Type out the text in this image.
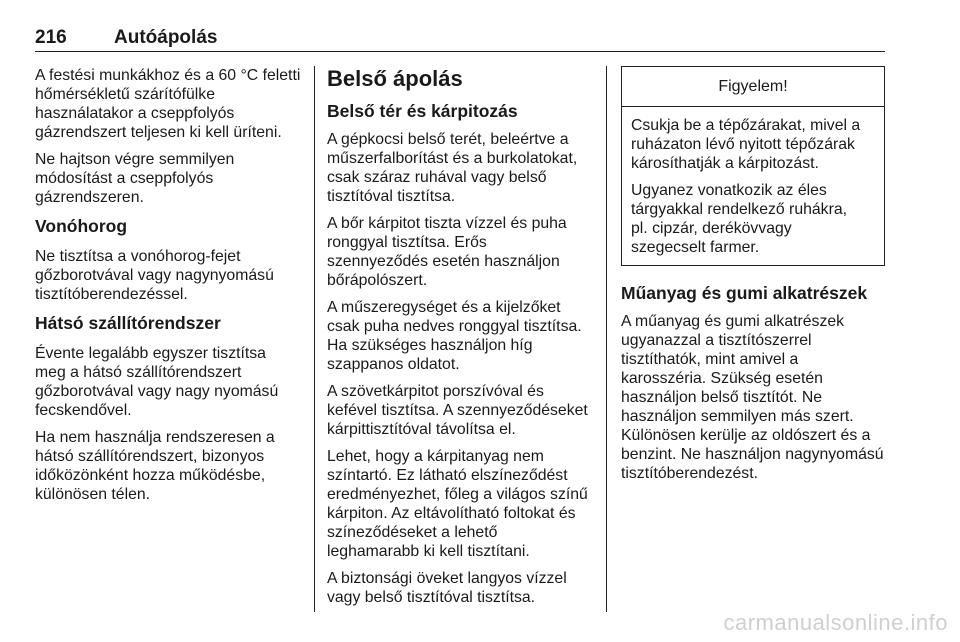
216 Autóápolás

A festési munkákhoz és a 60 °C feletti
hőmérsékletű szárítófülke
használatakor a cseppfolyós
gázrendszert teljesen ki kell üríteni.

Ne hajtson végre semmilyen
módosítást a cseppfolyós
gázrendszeren.

Vonóhorog

Ne tisztítsa a vonóhorog-fejet
gőzborotvával vagy nagynyomású
tisztítóberendezéssel.

Hátsó szállítórendszer

Évente legalább egyszer tisztítsa
meg a hátsó szállítórendszert
gőzborotvával vagy nagy nyomású
fecskendővel.

Ha nem használja rendszeresen a
hátsó szállítórendszert, bizonyos
időközönként hozza működésbe,
különösen télen.

Belső ápolás
Belső tér és kárpitozás

A gépkocsi belső terét, beleértve a
műszerfalborítást és a burkolatokat,
csak száraz ruhával vagy belső
tisztítóval tisztítsa.

A bőr kárpitot tiszta vízzel és puha
ronggyal tisztítsa. Erős
szennyeződés esetén használjon
bőrápolószert.

A műszeregységet és a kijelzőket
csak puha nedves ronggyal tisztítsa.
Ha szükséges használjon híg
szappanos oldatot.

A szövetkárpitot porszívóval és
kefével tisztítsa. A szennyeződéseket
kárpittisztítóval távolítsa el.

Lehet, hogy a kárpitanyag nem
színtartó. Ez látható elszíneződést
eredményezhet, főleg a világos színű
kárpiton. Az eltávolítható foltokat és
színeződéseket a lehető
leghamarabb ki kell tisztítani.

A biztonsági öveket langyos vízzel
vagy belső tisztítóval tisztítsa.

Figyelem!

Csukja be a tépőzárakat, mivel a
ruházaton lévő nyitott tépőzárak
károsíthatják a kárpitozást.

Ugyanez vonatkozik az éles
tárgyakkal rendelkező ruhákra,
pl. cipzár, derékövvagy
szegecselt farmer.

Műanyag és gumi alkatrészek

A műanyag és gumi alkatrészek
ugyanazzal a tisztítószerrel
tisztíthatók, mint amivel a
karosszéria. Szükség esetén
használjon belső tisztítót. Ne
használjon semmilyen más szert.
Különösen kerülje az oldószert és a
benzint. Ne használjon nagynyomású
tisztítóberendezést.

carmanualsonline.info
